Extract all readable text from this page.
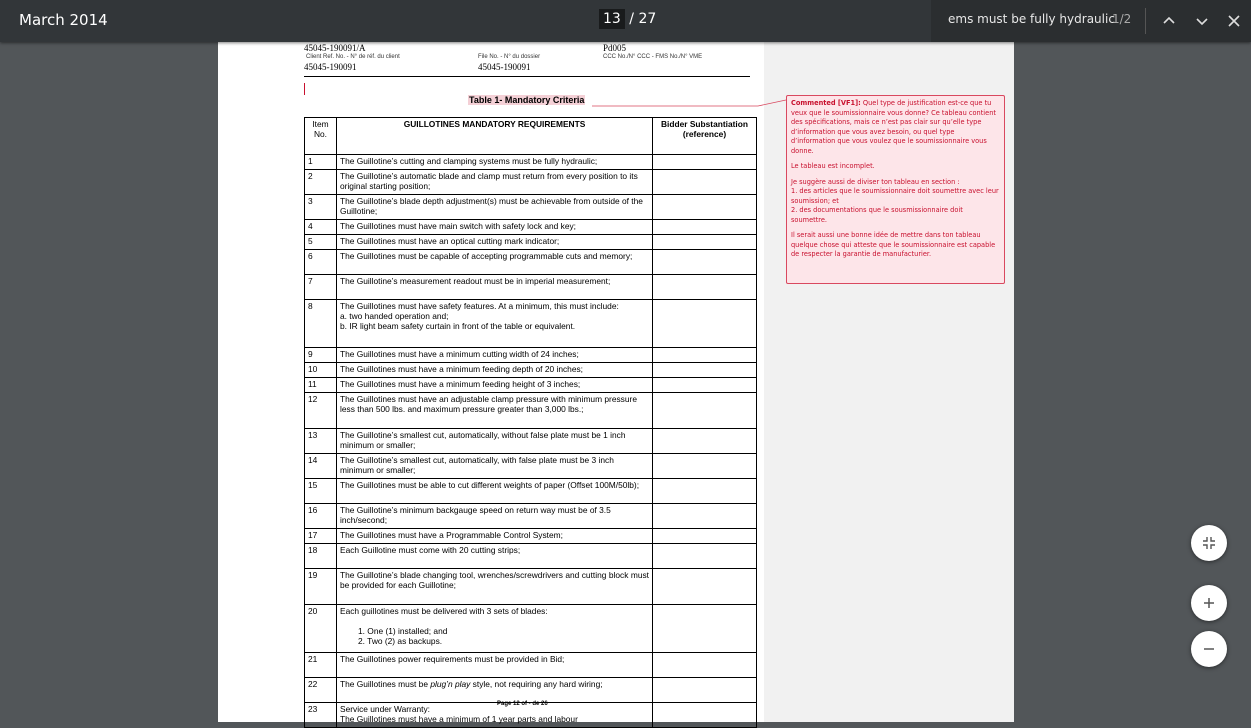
March 2014	13 / 27	ems must be fully hydraulic
1/2
45045-190091/A
Client Ref. No. - N° de réf. du client
45045-190091
Pd005
File No. - N° du dossier
45045-190091
CCC No./N° CCC - FMS No./N° VME
Table 1- Mandatory Criteria
Item No.	GUILLOTINES MANDATORY REQUIREMENTS	Bidder Substantiation (reference)
1	The Guillotine’s cutting and clamping systems must be fully hydraulic;	

2	The Guillotine’s automatic blade and clamp must return from every position to its original starting position;	

3	The Guillotine’s blade depth adjustment(s) must be achievable from outside of the Guillotine;	

4	The Guillotines must have main switch with safety lock and key;	

5	The Guillotines must have an optical cutting mark indicator;	

6	The Guillotines must be capable of accepting programmable cuts and memory;	

7	The Guillotine’s measurement readout must be in imperial measurement;	

8	The Guillotines must have safety features. At a minimum, this must include:
a. two handed operation and;
b. IR light beam safety curtain in front of the table or equivalent.	

9	The Guillotines must have a minimum cutting width of 24 inches;	

10	The Guillotines must have a minimum feeding depth of 20 inches;	

11	The Guillotines must have a minimum feeding height of 3 inches;	

12	The Guillotines must have an adjustable clamp pressure with minimum pressure less than 500 lbs. and maximum pressure greater than 3,000 lbs.;	

13	The Guillotine’s smallest cut, automatically, without false plate must be 1 inch minimum or smaller;	

14	The Guillotine’s smallest cut, automatically, with false plate must be 3 inch minimum or smaller;	

15	The Guillotines must be able to cut different weights of paper (Offset 100M/50lb);	

16	The Guillotine’s minimum backgauge speed on return way must be of 3.5 inch/second;	

17	The Guillotines must have a Programmable Control System;	

18	Each Guillotine must come with 20 cutting strips;	

19	The Guillotine’s blade changing tool, wrenches/screwdrivers and cutting block must be provided for each Guillotine;	

20	Each guillotines must be delivered with 3 sets of blades:
1. One (1) installed; and
2. Two (2) as backups.	

21	The Guillotines power requirements must be provided in Bid;	

22	The Guillotines must be plug’n play style, not requiring any hard wiring;	
23	Service under Warranty:
The Guillotines must have a minimum of 1 year parts and labour	

Page 12 of - de 26

Commented [VF1]: Quel type de justification est-ce que tu veux que le soumissionnaire vous donne? Ce tableau contient des spécifications, mais ce n’est pas clair sur qu’elle type d’information que vous avez besoin, ou quel type d’information que vous voulez que le soumissionnaire vous donne.

Le tableau est incomplet.

Je suggère aussi de diviser ton tableau en section :

1. des articles que le soumissionnaire doit soumettre avec leur soumission; et

2. des documentations que le sousmissionnaire doit soumettre.

Il serait aussi une bonne idée de mettre dans ton tableau quelque chose qui atteste que le soumissionnaire est capable de respecter la garantie de manufacturier.
